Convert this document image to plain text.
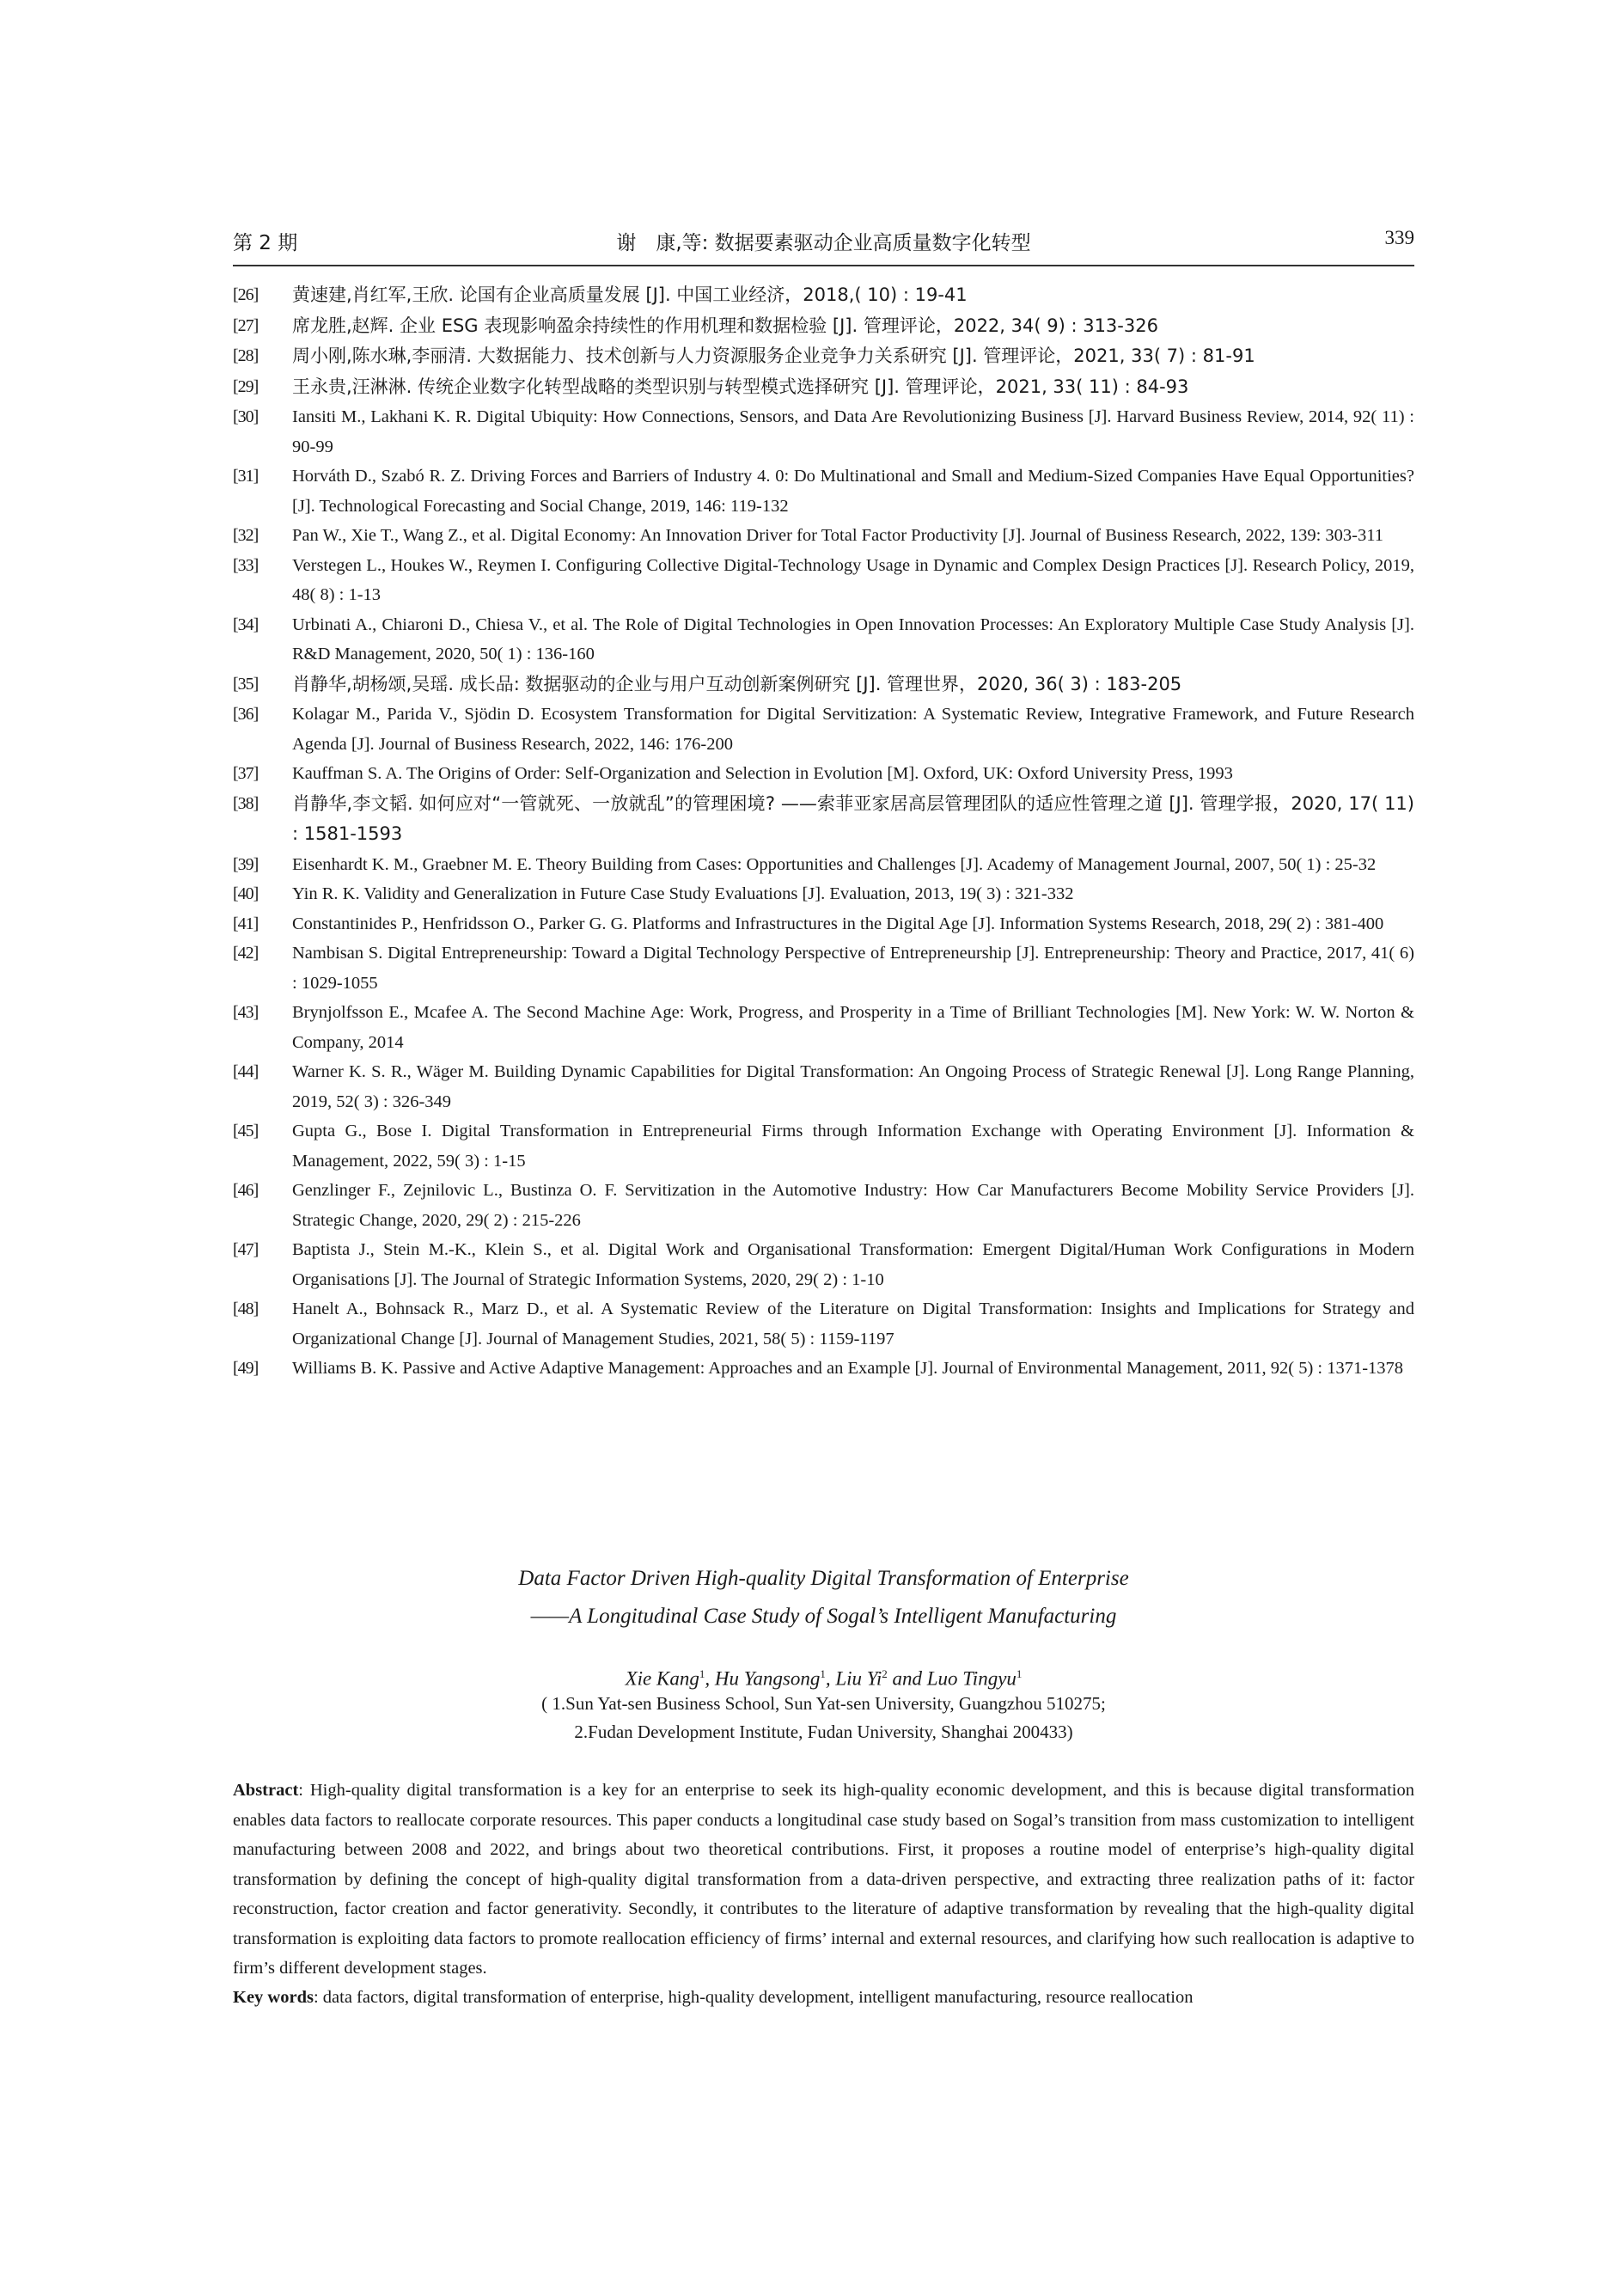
第 2 期	谢　康,等: 数据要素驱动企业高质量数字化转型	339
[26] 黄速建,肖红军,王欣. 论国有企业高质量发展 [J]. 中国工业经济，2018,( 10) : 19-41
[27] 席龙胜,赵辉. 企业 ESG 表现影响盈余持续性的作用机理和数据检验 [J]. 管理评论，2022, 34( 9) : 313-326
[28] 周小刚,陈水琳,李丽清. 大数据能力、技术创新与人力资源服务企业竞争力关系研究 [J]. 管理评论，2021, 33( 7) : 81-91
[29] 王永贵,汪淋淋. 传统企业数字化转型战略的类型识别与转型模式选择研究 [J]. 管理评论，2021, 33( 11) : 84-93
[30] Iansiti M., Lakhani K. R. Digital Ubiquity: How Connections, Sensors, and Data Are Revolutionizing Business [J]. Harvard Business Review, 2014, 92( 11) : 90-99
[31] Horváth D., Szabó R. Z. Driving Forces and Barriers of Industry 4. 0: Do Multinational and Small and Medium-Sized Companies Have Equal Opportunities? [J]. Technological Forecasting and Social Change, 2019, 146: 119-132
[32] Pan W., Xie T., Wang Z., et al. Digital Economy: An Innovation Driver for Total Factor Productivity [J]. Journal of Business Research, 2022, 139: 303-311
[33] Verstegen L., Houkes W., Reymen I. Configuring Collective Digital-Technology Usage in Dynamic and Complex Design Practices [J]. Research Policy, 2019, 48( 8) : 1-13
[34] Urbinati A., Chiaroni D., Chiesa V., et al. The Role of Digital Technologies in Open Innovation Processes: An Exploratory Multiple Case Study Analysis [J]. R&D Management, 2020, 50( 1) : 136-160
[35] 肖静华,胡杨颂,吴瑶. 成长品: 数据驱动的企业与用户互动创新案例研究 [J]. 管理世界，2020, 36( 3) : 183-205
[36] Kolagar M., Parida V., Sjödin D. Ecosystem Transformation for Digital Servitization: A Systematic Review, Integrative Framework, and Future Research Agenda [J]. Journal of Business Research, 2022, 146: 176-200
[37] Kauffman S. A. The Origins of Order: Self-Organization and Selection in Evolution [M]. Oxford, UK: Oxford University Press, 1993
[38] 肖静华,李文韬. 如何应对“一管就死、一放就乱”的管理困境? ——索菲亚家居高层管理团队的适应性管理之道 [J]. 管理学报，2020, 17( 11) : 1581-1593
[39] Eisenhardt K. M., Graebner M. E. Theory Building from Cases: Opportunities and Challenges [J]. Academy of Management Journal, 2007, 50( 1) : 25-32
[40] Yin R. K. Validity and Generalization in Future Case Study Evaluations [J]. Evaluation, 2013, 19( 3) : 321-332
[41] Constantinides P., Henfridsson O., Parker G. G. Platforms and Infrastructures in the Digital Age [J]. Information Systems Research, 2018, 29( 2) : 381-400
[42] Nambisan S. Digital Entrepreneurship: Toward a Digital Technology Perspective of Entrepreneurship [J]. Entrepreneurship: Theory and Practice, 2017, 41( 6) : 1029-1055
[43] Brynjolfsson E., Mcafee A. The Second Machine Age: Work, Progress, and Prosperity in a Time of Brilliant Technologies [M]. New York: W. W. Norton & Company, 2014
[44] Warner K. S. R., Wäger M. Building Dynamic Capabilities for Digital Transformation: An Ongoing Process of Strategic Renewal [J]. Long Range Planning, 2019, 52( 3) : 326-349
[45] Gupta G., Bose I. Digital Transformation in Entrepreneurial Firms through Information Exchange with Operating Environment [J]. Information & Management, 2022, 59( 3) : 1-15
[46] Genzlinger F., Zejnilovic L., Bustinza O. F. Servitization in the Automotive Industry: How Car Manufacturers Become Mobility Service Providers [J]. Strategic Change, 2020, 29( 2) : 215-226
[47] Baptista J., Stein M.-K., Klein S., et al. Digital Work and Organisational Transformation: Emergent Digital/Human Work Configurations in Modern Organisations [J]. The Journal of Strategic Information Systems, 2020, 29( 2) : 1-10
[48] Hanelt A., Bohnsack R., Marz D., et al. A Systematic Review of the Literature on Digital Transformation: Insights and Implications for Strategy and Organizational Change [J]. Journal of Management Studies, 2021, 58( 5) : 1159-1197
[49] Williams B. K. Passive and Active Adaptive Management: Approaches and an Example [J]. Journal of Environmental Management, 2011, 92( 5) : 1371-1378
Data Factor Driven High-quality Digital Transformation of Enterprise
——A Longitudinal Case Study of Sogal’s Intelligent Manufacturing
Xie Kang$^1$, Hu Yangsong$^1$, Liu Yi$^2$ and Luo Tingyu$^1$
( 1.Sun Yat-sen Business School, Sun Yat-sen University, Guangzhou 510275;
2.Fudan Development Institute, Fudan University, Shanghai 200433)
Abstract: High-quality digital transformation is a key for an enterprise to seek its high-quality economic development, and this is because digital transformation enables data factors to reallocate corporate resources. This paper conducts a longitudinal case study based on Sogal’s transition from mass customization to intelligent manufacturing between 2008 and 2022, and brings about two theoretical contributions. First, it proposes a routine model of enterprise’s high-quality digital transformation by defining the concept of high-quality digital transformation from a data-driven perspective, and extracting three realization paths of it: factor reconstruction, factor creation and factor generativity. Secondly, it contributes to the literature of adaptive transformation by revealing that the high-quality digital transformation is exploiting data factors to promote reallocation efficiency of firms’ internal and external resources, and clarifying how such reallocation is adaptive to firm’s different development stages.
Key words: data factors, digital transformation of enterprise, high-quality development, intelligent manufacturing, resource reallocation
